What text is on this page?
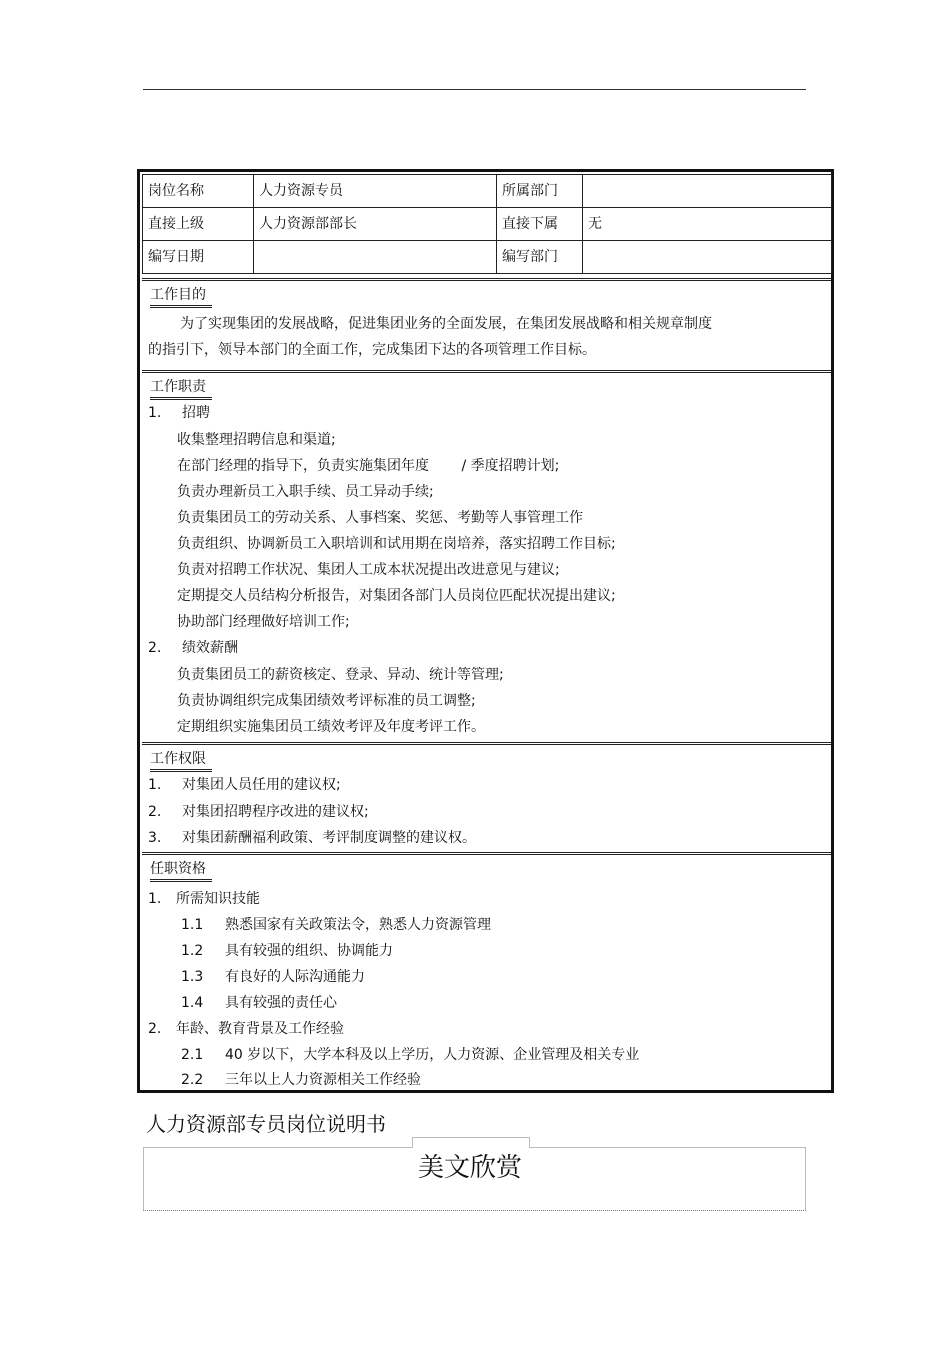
岗位名称	人力资源专员	所属部门	
直接上级	人力资源部部长	直接下属	无
编写日期		编写部门	
工作目的
为了实现集团的发展战略，促进集团业务的全面发展，在集团发展战略和相关规章制度
的指引下，领导本部门的全面工作，完成集团下达的各项管理工作目标。
工作职责
1. 招聘
收集整理招聘信息和渠道;
在部门经理的指导下，负责实施集团年度　　 / 季度招聘计划;
负责办理新员工入职手续、员工异动手续;
负责集团员工的劳动关系、人事档案、奖惩、考勤等人事管理工作
负责组织、协调新员工入职培训和试用期在岗培养，落实招聘工作目标;
负责对招聘工作状况、集团人工成本状况提出改进意见与建议;
定期提交人员结构分析报告，对集团各部门人员岗位匹配状况提出建议;
协助部门经理做好培训工作;
2. 绩效薪酬
负责集团员工的薪资核定、登录、异动、统计等管理;
负责协调组织完成集团绩效考评标准的员工调整;
定期组织实施集团员工绩效考评及年度考评工作。
工作权限
1. 对集团人员任用的建议权;
2. 对集团招聘程序改进的建议权;
3. 对集团薪酬福利政策、考评制度调整的建议权。
任职资格
1. 所需知识技能
1.1 熟悉国家有关政策法令，熟悉人力资源管理
1.2 具有较强的组织、协调能力
1.3 有良好的人际沟通能力
1.4 具有较强的责任心
2. 年龄、教育背景及工作经验
2.1 40 岁以下，大学本科及以上学历，人力资源、企业管理及相关专业
2.2 三年以上人力资源相关工作经验
人力资源部专员岗位说明书
美文欣赏
